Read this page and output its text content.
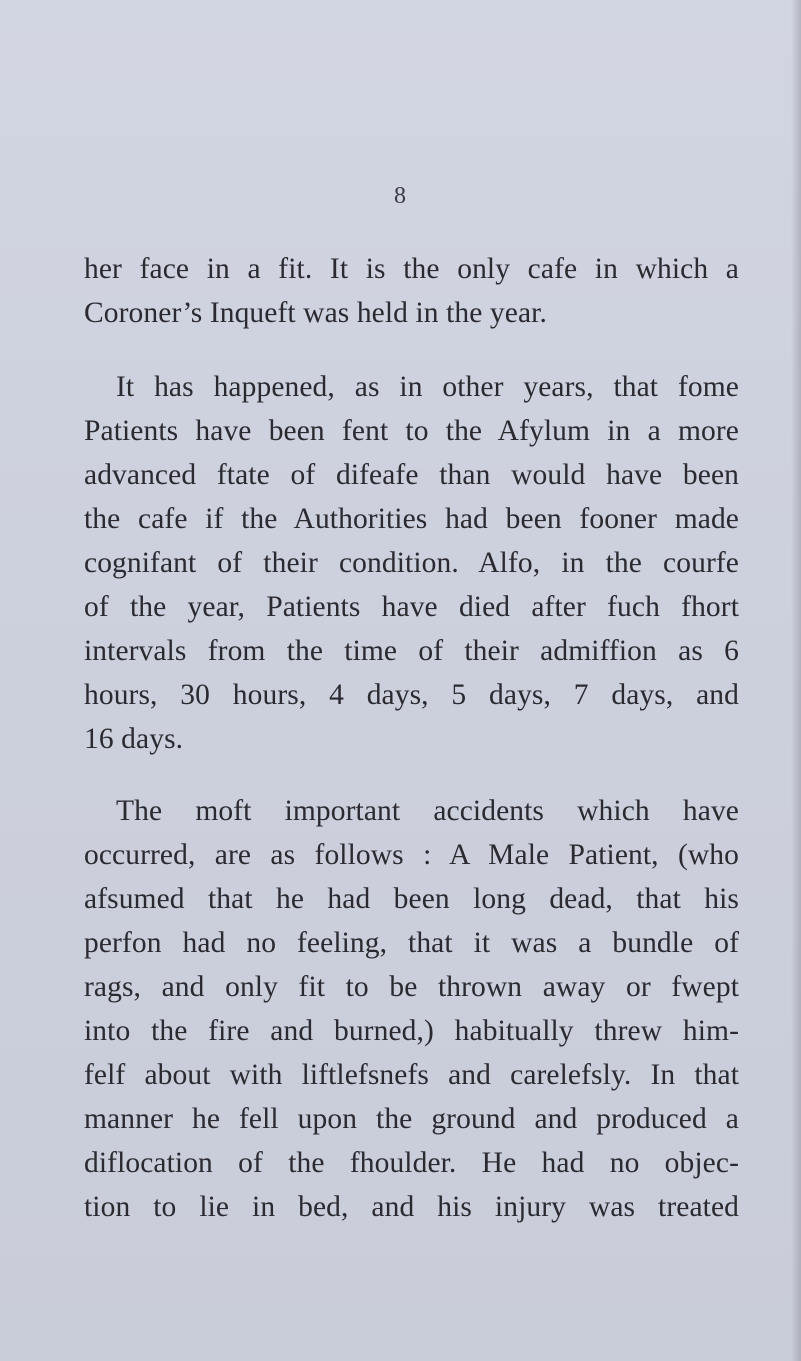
8

her face in a fit. It is the only cafe in which a
Coroner’s Inqueft was held in the year.

It has happened, as in other years, that fome
Patients have been fent to the Afylum in a more
advanced ftate of difeafe than would have been
the cafe if the Authorities had been fooner made
cognifant of their condition. Alfo, in the courfe
of the year, Patients have died after fuch fhort
intervals from the time of their admiffion as 6
hours, 30 hours, 4 days, 5 days, 7 days, and
16 days.

The moft important accidents which have
occurred, are as follows : A Male Patient, (who
afsumed that he had been long dead, that his
perfon had no feeling, that it was a bundle of
rags, and only fit to be thrown away or fwept
into the fire and burned,) habitually threw him-
felf about with liftlefsnefs and carelefsly. In that
manner he fell upon the ground and produced a
diflocation of the fhoulder. He had no objec-
tion to lie in bed, and his injury was treated
